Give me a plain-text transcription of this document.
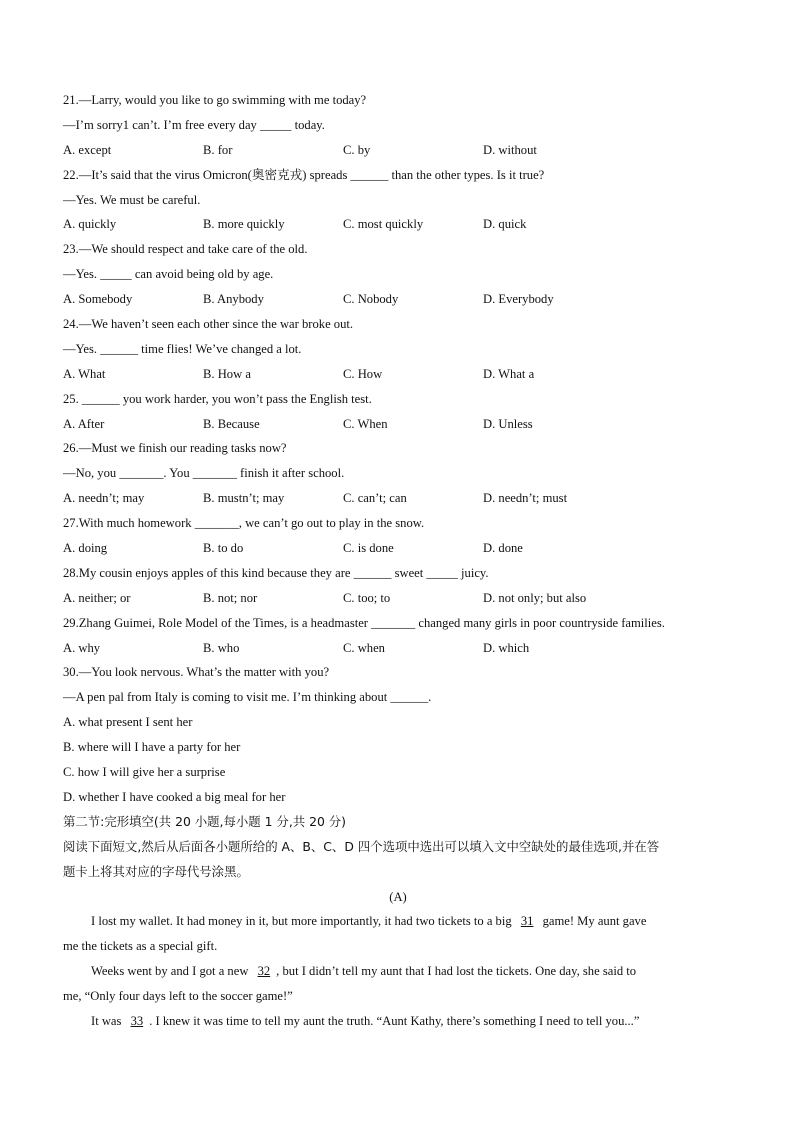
21.—Larry, would you like to go swimming with me today?
—I’m sorry1 can’t. I’m free every day _____ today.
A. except	B. for	C. by	D. without
22.—It’s said that the virus Omicron(奥密克戎) spreads ______ than the other types. Is it true?
—Yes. We must be careful.
A. quickly	B. more quickly	C. most quickly	D. quick
23.—We should respect and take care of the old.
—Yes. _____ can avoid being old by age.
A. Somebody	B. Anybody	C. Nobody	D. Everybody
24.—We haven’t seen each other since the war broke out.
—Yes. ______ time flies! We’ve changed a lot.
A. What	B. How a	C. How	D. What a
25. ______ you work harder, you won’t pass the English test.
A. After	B. Because	C. When	D. Unless
26.—Must we finish our reading tasks now?
—No, you _______. You _______ finish it after school.
A. needn’t; may	B. mustn’t; may	C. can’t; can	D. needn’t; must
27.With much homework _______, we can’t go out to play in the snow.
A. doing	B. to do	C. is done	D. done
28.My cousin enjoys apples of this kind because they are ______ sweet _____ juicy.
A. neither; or	B. not; nor	C. too; to	D. not only; but also
29.Zhang Guimei, Role Model of the Times, is a headmaster _______ changed many girls in poor countryside families.
A. why	B. who	C. when	D. which
30.—You look nervous. What’s the matter with you?
—A pen pal from Italy is coming to visit me. I’m thinking about ______.
A. what present I sent her
B. where will I have a party for her
C. how I will give her a surprise
D. whether I have cooked a big meal for her
第二节:完形填空(共 20 小题,每小题 1 分,共 20 分)
阅读下面短文,然后从后面各小题所给的 A、B、C、D 四个选项中选出可以填入文中空缺处的最佳选项,并在答
题卡上将其对应的字母代号涂黑。
(A)
I lost my wallet. It had money in it, but more importantly, it had two tickets to a big 31 game! My aunt gave
me the tickets as a special gift.
Weeks went by and I got a new 32 , but I didn’t tell my aunt that I had lost the tickets. One day, she said to
me, “Only four days left to the soccer game!”
It was 33 . I knew it was time to tell my aunt the truth. “Aunt Kathy, there’s something I need to tell you...”
